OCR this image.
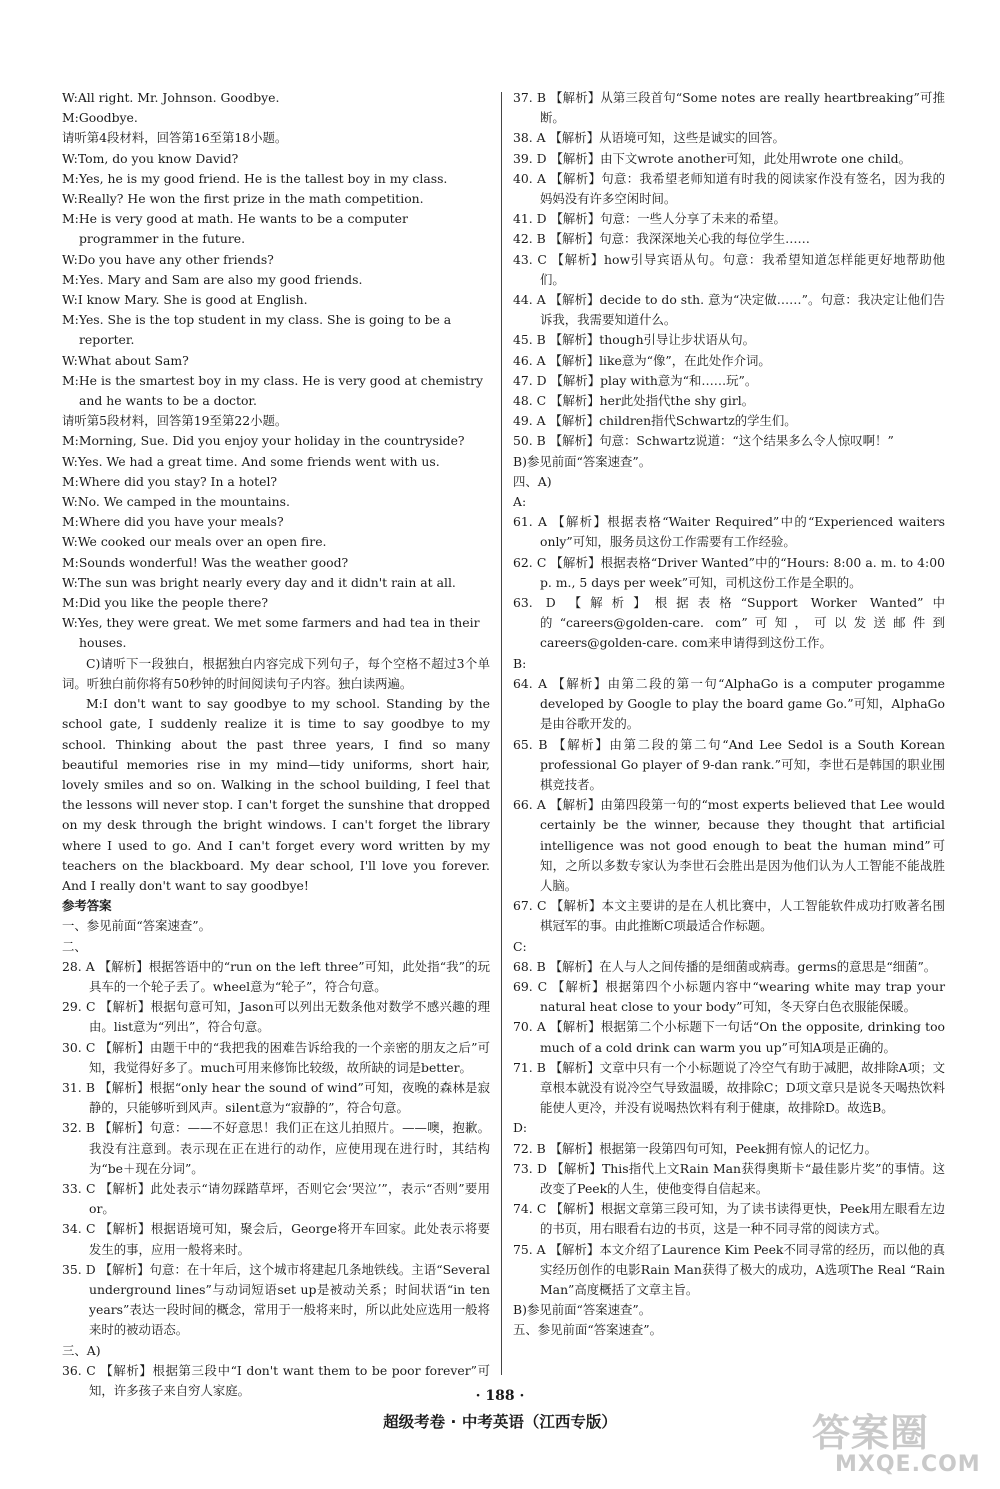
W:All right. Mr. Johnson. Goodbye.
M:Goodbye.
请听第4段材料，回答第16至第18小题。
W:Tom, do you know David?
M:Yes, he is my good friend. He is the tallest boy in my class.
W:Really? He won the first prize in the math competition.
M:He is very good at math. He wants to be a computer programmer in the future.
W:Do you have any other friends?
M:Yes. Mary and Sam are also my good friends.
W:I know Mary. She is good at English.
M:Yes. She is the top student in my class. She is going to be a reporter.
W:What about Sam?
M:He is the smartest boy in my class. He is very good at chemistry and he wants to be a doctor.
请听第5段材料，回答第19至第22小题。
M:Morning, Sue. Did you enjoy your holiday in the countryside?
W:Yes. We had a great time. And some friends went with us.
M:Where did you stay? In a hotel?
W:No. We camped in the mountains.
M:Where did you have your meals?
W:We cooked our meals over an open fire.
M:Sounds wonderful! Was the weather good?
W:The sun was bright nearly every day and it didn't rain at all.
M:Did you like the people there?
W:Yes, they were great. We met some farmers and had tea in their houses.
C)请听下一段独白，根据独白内容完成下列句子，每个空格不超过3个单词。听独白前你将有50秒钟的时间阅读句子内容。独白读两遍。
M:I don't want to say goodbye to my school. Standing by the school gate, I suddenly realize it is time to say goodbye to my school. Thinking about the past three years, I find so many beautiful memories rise in my mind—tidy uniforms, short hair, lovely smiles and so on. Walking in the school building, I feel that the lessons will never stop. I can't forget the sunshine that dropped on my desk through the bright windows. I can't forget the library where I used to go. And I can't forget every word written by my teachers on the blackboard. My dear school, I'll love you forever. And I really don't want to say goodbye!
参考答案
一、参见前面“答案速查”。
二、
28. A 【解析】根据答语中的“run on the left three”可知，此处指“我”的玩具车的一个轮子丢了。wheel意为“轮子”，符合句意。
29. C 【解析】根据句意可知，Jason可以列出无数条他对数学不感兴趣的理由。list意为“列出”，符合句意。
30. C 【解析】由题干中的“我把我的困难告诉给我的一个亲密的朋友之后”可知，我觉得好多了。much可用来修饰比较级，故所缺的词是better。
31. B 【解析】根据“only hear the sound of wind”可知，夜晚的森林是寂静的，只能够听到风声。silent意为“寂静的”，符合句意。
32. B 【解析】句意：——不好意思！我们正在这儿拍照片。——噢，抱歉。我没有注意到。表示现在正在进行的动作，应使用现在进行时，其结构为“be＋现在分词”。
33. C 【解析】此处表示“请勿踩踏草坪，否则它会‘哭泣’”，表示“否则”要用or。
34. C 【解析】根据语境可知，聚会后，George将开车回家。此处表示将要发生的事，应用一般将来时。
35. D 【解析】句意：在十年后，这个城市将建起几条地铁线。主语“Several underground lines”与动词短语set up是被动关系；时间状语“in ten years”表达一段时间的概念，常用于一般将来时，所以此处应选用一般将来时的被动语态。
三、A)
36. C 【解析】根据第三段中“I don't want them to be poor forever”可知，许多孩子来自穷人家庭。
37. B 【解析】从第三段首句“Some notes are really heartbreaking”可推断。
38. A 【解析】从语境可知，这些是诚实的回答。
39. D 【解析】由下文wrote another可知，此处用wrote one child。
40. A 【解析】句意：我希望老师知道有时我的阅读家作没有签名，因为我的妈妈没有许多空闲时间。
41. D 【解析】句意：一些人分享了未来的希望。
42. B 【解析】句意：我深深地关心我的每位学生……
43. C 【解析】how引导宾语从句。句意：我希望知道怎样能更好地帮助他们。
44. A 【解析】decide to do sth. 意为“决定做……”。句意：我决定让他们告诉我，我需要知道什么。
45. B 【解析】though引导让步状语从句。
46. A 【解析】like意为“像”，在此处作介词。
47. D 【解析】play with意为“和……玩”。
48. C 【解析】her此处指代the shy girl。
49. A 【解析】children指代Schwartz的学生们。
50. B 【解析】句意：Schwartz说道：“这个结果多么令人惊叹啊！”
B)参见前面“答案速查”。
四、A)
A:
61. A 【解析】根据表格“Waiter Required”中的“Experienced waiters only”可知，服务员这份工作需要有工作经验。
62. C 【解析】根据表格“Driver Wanted”中的“Hours: 8:00 a. m. to 4:00 p. m., 5 days per week”可知，司机这份工作是全职的。
63. D 【解析】根据表格“Support Worker Wanted”中的“careers@golden-care. com”可知，可以发送邮件到careers@golden-care. com来申请得到这份工作。
B:
64. A 【解析】由第二段的第一句“AlphaGo is a computer progamme developed by Google to play the board game Go.”可知，AlphaGo是由谷歌开发的。
65. B 【解析】由第二段的第二句“And Lee Sedol is a South Korean professional Go player of 9-dan rank.”可知，李世石是韩国的职业围棋竞技者。
66. A 【解析】由第四段第一句的“most experts believed that Lee would certainly be the winner, because they thought that artificial intelligence was not good enough to beat the human mind”可知，之所以多数专家认为李世石会胜出是因为他们认为人工智能不能战胜人脑。
67. C 【解析】本文主要讲的是在人机比赛中，人工智能软件成功打败著名围棋冠军的事。由此推断C项最适合作标题。
C:
68. B 【解析】在人与人之间传播的是细菌或病毒。germs的意思是“细菌”。
69. C 【解析】根据第四个小标题内容中“wearing white may trap your natural heat close to your body”可知，冬天穿白色衣服能保暖。
70. A 【解析】根据第二个小标题下一句话“On the opposite, drinking too much of a cold drink can warm you up”可知A项是正确的。
71. B 【解析】文章中只有一个小标题说了冷空气有助于减肥，故排除A项；文章根本就没有说冷空气导致温暖，故排除C；D项文章只是说冬天喝热饮料能使人更冷，并没有说喝热饮料有利于健康，故排除D。故选B。
D:
72. B 【解析】根据第一段第四句可知，Peek拥有惊人的记忆力。
73. D 【解析】This指代上文Rain Man获得奥斯卡“最佳影片奖”的事情。这改变了Peek的人生，使他变得自信起来。
74. C 【解析】根据文章第三段可知，为了读书读得更快，Peek用左眼看左边的书页，用右眼看右边的书页，这是一种不同寻常的阅读方式。
75. A 【解析】本文介绍了Laurence Kim Peek不同寻常的经历，而以他的真实经历创作的电影Rain Man获得了极大的成功，A选项The Real “Rain Man”高度概括了文章主旨。
B)参见前面“答案速查”。
五、参见前面“答案速查”。
· 188 ·
超级考卷 · 中考英语（江西专版）	答案圈
MXQE.COM
